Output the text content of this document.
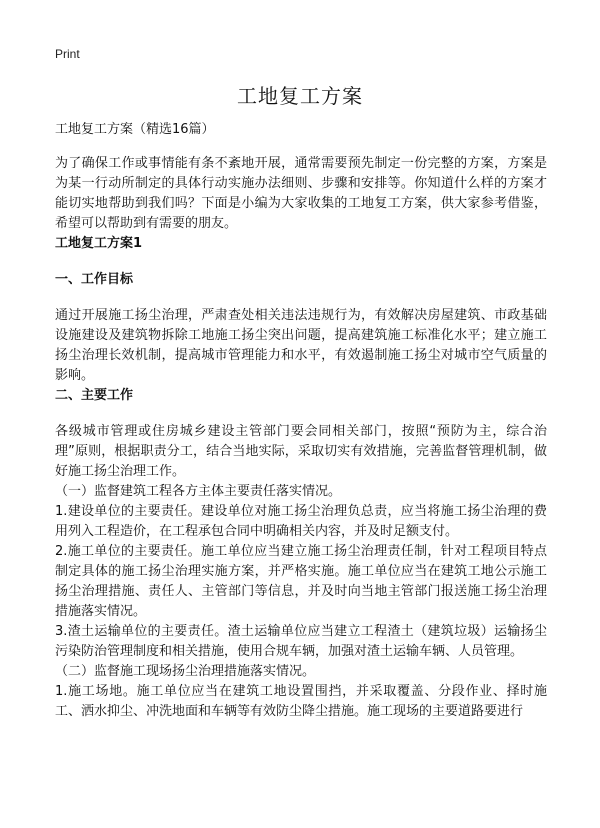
Print
工地复工方案
工地复工方案（精选16篇）

为了确保工作或事情能有条不紊地开展，通常需要预先制定一份完整的方案，方案是为某一行动所制定的具体行动实施办法细则、步骤和安排等。你知道什么样的方案才能切实地帮助到我们吗？下面是小编为大家收集的工地复工方案，供大家参考借鉴，希望可以帮助到有需要的朋友。

工地复工方案1
一、工作目标

通过开展施工扬尘治理，严肃查处相关违法违规行为，有效解决房屋建筑、市政基础设施建设及建筑物拆除工地施工扬尘突出问题，提高建筑施工标准化水平；建立施工扬尘治理长效机制，提高城市管理能力和水平，有效遏制施工扬尘对城市空气质量的影响。

二、主要工作

各级城市管理或住房城乡建设主管部门要会同相关部门，按照“预防为主，综合治理”原则，根据职责分工，结合当地实际，采取切实有效措施，完善监督管理机制，做好施工扬尘治理工作。

（一）监督建筑工程各方主体主要责任落实情况。

1.建设单位的主要责任。建设单位对施工扬尘治理负总责，应当将施工扬尘治理的费用列入工程造价，在工程承包合同中明确相关内容，并及时足额支付。

2.施工单位的主要责任。施工单位应当建立施工扬尘治理责任制，针对工程项目特点制定具体的施工扬尘治理实施方案，并严格实施。施工单位应当在建筑工地公示施工扬尘治理措施、责任人、主管部门等信息，并及时向当地主管部门报送施工扬尘治理措施落实情况。

3.渣土运输单位的主要责任。渣土运输单位应当建立工程渣土（建筑垃圾）运输扬尘污染防治管理制度和相关措施，使用合规车辆，加强对渣土运输车辆、人员管理。

（二）监督施工现场扬尘治理措施落实情况。

1.施工场地。施工单位应当在建筑工地设置围挡，并采取覆盖、分段作业、择时施工、洒水抑尘、冲洗地面和车辆等有效防尘降尘措施。施工现场的主要道路要进行
